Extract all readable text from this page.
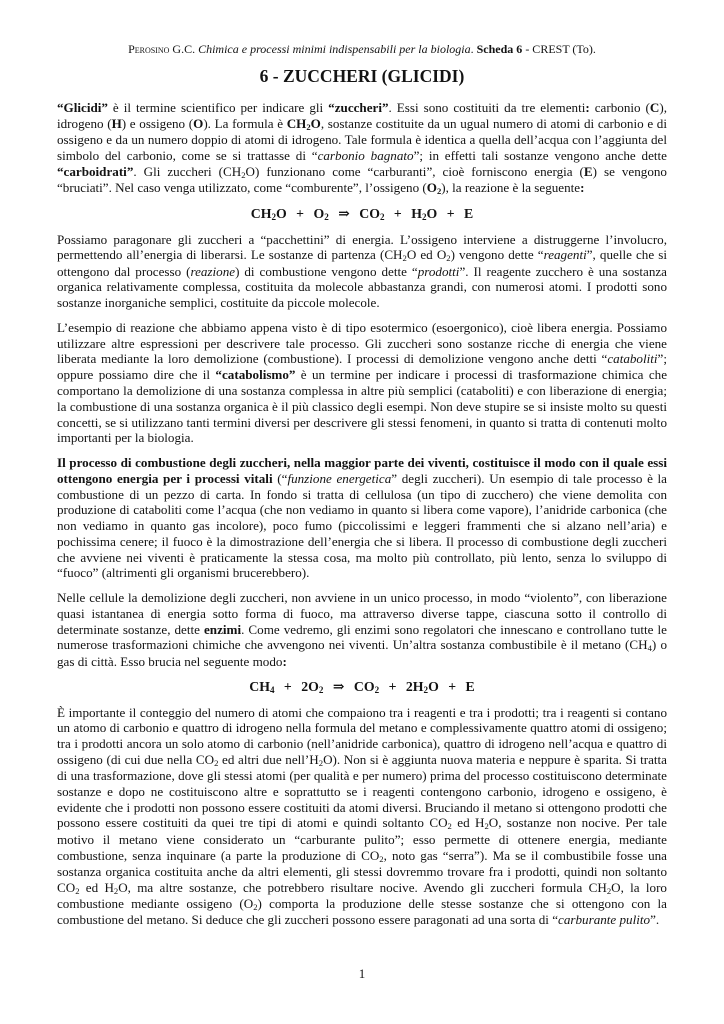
Perosino G.C. Chimica e processi minimi indispensabili per la biologia. Scheda 6 - CREST (To).
6 - ZUCCHERI (GLICIDI)

“Glicidi” è il termine scientifico per indicare gli “zuccheri”. Essi sono costituiti da tre elementi: carbonio (C), idrogeno (H) e ossigeno (O). La formula è $CH_2O$, sostanze costituite da un ugual numero di atomi di carbonio e di ossigeno e da un numero doppio di atomi di idrogeno. Tale formula è identica a quella dell’acqua con l’aggiunta del simbolo del carbonio, come se si trattasse di “carbonio bagnato”; in effetti tali sostanze vengono anche dette “carboidrati”. Gli zuccheri $(CH_2O)$ funzionano come “carburanti”, cioè forniscono energia (E) se vengono “bruciati”. Nel caso venga utilizzato, come “comburente”, l’ossigeno $(O_2)$, la reazione è la seguente:

$CH_2O + O_2$ ⇒ $CO_2 + H_2O + E$

Possiamo paragonare gli zuccheri a “pacchettini” di energia. L’ossigeno interviene a distruggerne l’involucro, permettendo all’energia di liberarsi. Le sostanze di partenza ($CH_2O$ ed $O_2$) vengono dette “reagenti”, quelle che si ottengono dal processo (reazione) di combustione vengono dette “prodotti”. Il reagente zucchero è una sostanza organica relativamente complessa, costituita da molecole abbastanza grandi, con numerosi atomi. I prodotti sono sostanze inorganiche semplici, costituite da piccole molecole.

L’esempio di reazione che abbiamo appena visto è di tipo esotermico (esoergonico), cioè libera energia. Possiamo utilizzare altre espressioni per descrivere tale processo. Gli zuccheri sono sostanze ricche di energia che viene liberata mediante la loro demolizione (combustione). I processi di demolizione vengono anche detti “cataboliti”; oppure possiamo dire che il “catabolismo” è un termine per indicare i processi di trasformazione chimica che comportano la demolizione di una sostanza complessa in altre più semplici (cataboliti) e con liberazione di energia; la combustione di una sostanza organica è il più classico degli esempi. Non deve stupire se si insiste molto su questi concetti, se si utilizzano tanti termini diversi per descrivere gli stessi fenomeni, in quanto si tratta di contenuti molto importanti per la biologia.

Il processo di combustione degli zuccheri, nella maggior parte dei viventi, costituisce il modo con il quale essi ottengono energia per i processi vitali (“funzione energetica” degli zuccheri). Un esempio di tale processo è la combustione di un pezzo di carta. In fondo si tratta di cellulosa (un tipo di zucchero) che viene demolita con produzione di cataboliti come l’acqua (che non vediamo in quanto si libera come vapore), l’anidride carbonica (che non vediamo in quanto gas incolore), poco fumo (piccolissimi e leggeri frammenti che si alzano nell’aria) e pochissima cenere; il fuoco è la dimostrazione dell’energia che si libera. Il processo di combustione degli zuccheri che avviene nei viventi è praticamente la stessa cosa, ma molto più controllato, più lento, senza lo sviluppo di “fuoco” (altrimenti gli organismi brucerebbero).

Nelle cellule la demolizione degli zuccheri, non avviene in un unico processo, in modo “violento”, con liberazione quasi istantanea di energia sotto forma di fuoco, ma attraverso diverse tappe, ciascuna sotto il controllo di determinate sostanze, dette enzimi. Come vedremo, gli enzimi sono regolatori che innescano e controllano tutte le numerose trasformazioni chimiche che avvengono nei viventi. Un’altra sostanza combustibile è il metano $(CH_4)$ o gas di città. Esso brucia nel seguente modo:

$CH_4 + 2O_2$ ⇒ $CO_2 + 2H_2O + E$

È importante il conteggio del numero di atomi che compaiono tra i reagenti e tra i prodotti; tra i reagenti si contano un atomo di carbonio e quattro di idrogeno nella formula del metano e complessivamente quattro atomi di ossigeno; tra i prodotti ancora un solo atomo di carbonio (nell’anidride carbonica), quattro di idrogeno nell’acqua e quattro di ossigeno (di cui due nella $CO_2$ ed altri due $nell’H_2O$). Non si è aggiunta nuova materia e neppure è sparita. Si tratta di una trasformazione, dove gli stessi atomi (per qualità e per numero) prima del processo costituiscono determinate sostanze e dopo ne costituiscono altre e soprattutto se i reagenti contengono carbonio, idrogeno e ossigeno, è evidente che i prodotti non possono essere costituiti da atomi diversi. Bruciando il metano si ottengono prodotti che possono essere costituiti da quei tre tipi di atomi e quindi soltanto $CO_2$ ed $H_2O$, sostanze non nocive. Per tale motivo il metano viene considerato un “carburante pulito”; esso permette di ottenere energia, mediante combustione, senza inquinare (a parte la produzione di $CO_2$, noto gas “serra”). Ma se il combustibile fosse una sostanza organica costituita anche da altri elementi, gli stessi dovremmo trovare fra i prodotti, quindi non soltanto $CO_2$ ed $H_2O$, ma altre sostanze, che potrebbero risultare nocive. Avendo gli zuccheri formula $CH_2O$, la loro combustione mediante ossigeno $(O_2)$ comporta la produzione delle stesse sostanze che si ottengono con la combustione del metano. Si deduce che gli zuccheri possono essere paragonati ad una sorta di “carburante pulito”.

1
